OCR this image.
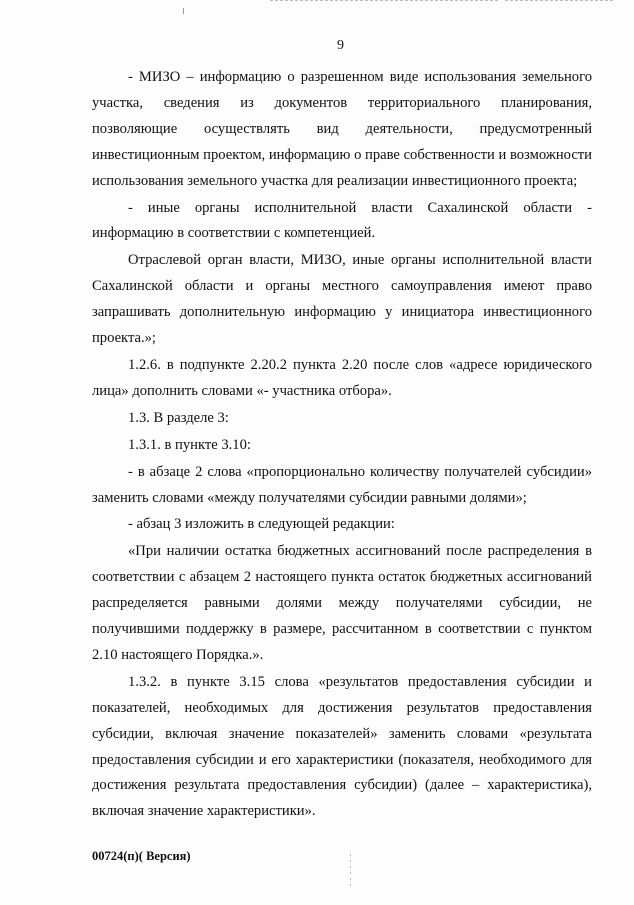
9

- МИЗО – информацию о разрешенном виде использования земельного участка, сведения из документов территориального планирования, позволяющие осуществлять вид деятельности, предусмотренный инвестиционным проектом, информацию о праве собственности и возможности использования земельного участка для реализации инвестиционного проекта;

- иные органы исполнительной власти Сахалинской области - информацию в соответствии с компетенцией.

Отраслевой орган власти, МИЗО, иные органы исполнительной власти Сахалинской области и органы местного самоуправления имеют право запрашивать дополнительную информацию у инициатора инвестиционного проекта.»;

1.2.6. в подпункте 2.20.2 пункта 2.20 после слов «адресе юридического лица» дополнить словами «- участника отбора».

1.3. В разделе 3:

1.3.1. в пункте 3.10:

- в абзаце 2 слова «пропорционально количеству получателей субсидии» заменить словами «между получателями субсидии равными долями»;

- абзац 3 изложить в следующей редакции:

«При наличии остатка бюджетных ассигнований после распределения в соответствии с абзацем 2 настоящего пункта остаток бюджетных ассигнований распределяется равными долями между получателями субсидии, не получившими поддержку в размере, рассчитанном в соответствии с пунктом 2.10 настоящего Порядка.».

1.3.2. в пункте 3.15 слова «результатов предоставления субсидии и показателей, необходимых для достижения результатов предоставления субсидии, включая значение показателей» заменить словами «результата предоставления субсидии и его характеристики (показателя, необходимого для достижения результата предоставления субсидии) (далее – характеристика), включая значение характеристики».

00724(п)( Версия)
